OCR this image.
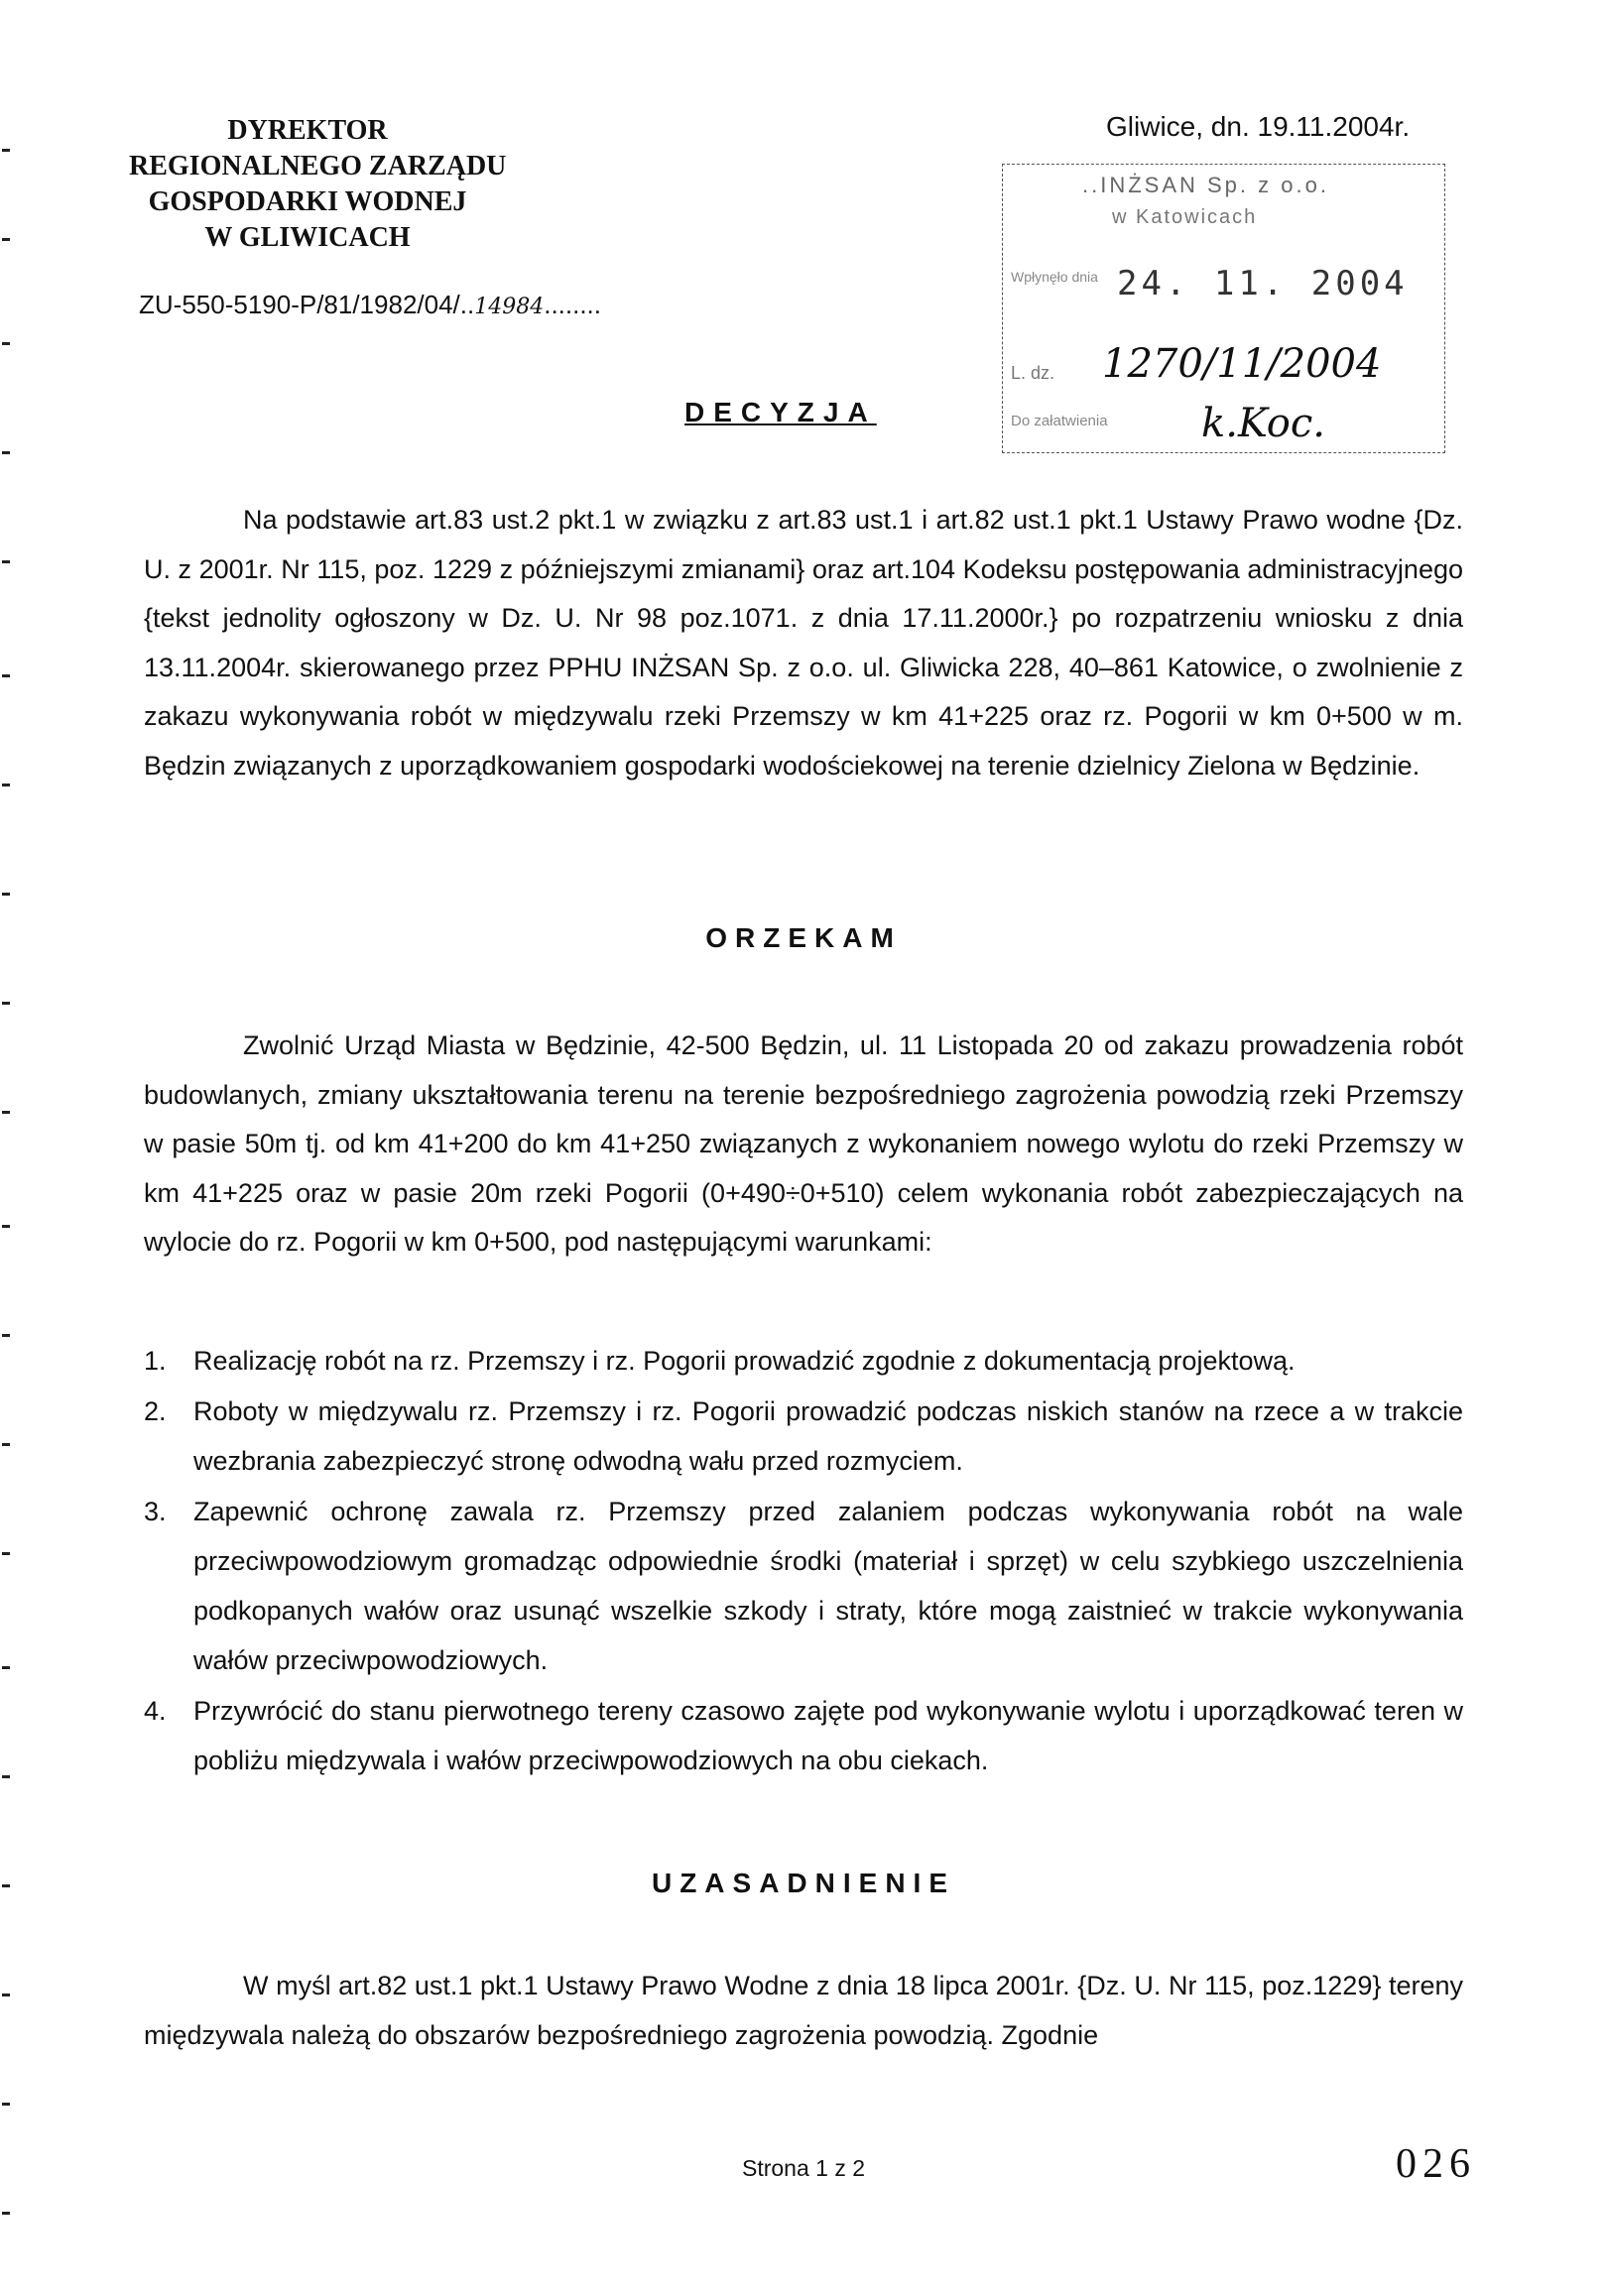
DYREKTOR
REGIONALNEGO ZARZĄDU
GOSPODARKI WODNEJ
W GLIWICACH
Gliwice, dn. 19.11.2004r.
ZU-550-5190-P/81/1982/04/..14984........
..INŻSAN Sp. z o.o.
w Katowicach
Wpłynęło dnia 24. 11. 2004
L. dz. 1270/11/2004
Do załatwienia k.Koc.
DECYZJA
Na podstawie art.83 ust.2 pkt.1 w związku z art.83 ust.1 i art.82 ust.1 pkt.1 Ustawy Prawo wodne {Dz. U. z 2001r. Nr 115, poz. 1229 z późniejszymi zmianami} oraz art.104 Kodeksu postępowania administracyjnego {tekst jednolity ogłoszony w Dz. U. Nr 98 poz.1071. z dnia 17.11.2000r.} po rozpatrzeniu wniosku z dnia 13.11.2004r. skierowanego przez PPHU INŻSAN Sp. z o.o. ul. Gliwicka 228, 40–861 Katowice, o zwolnienie z zakazu wykonywania robót w międzywalu rzeki Przemszy w km 41+225 oraz rz. Pogorii w km 0+500 w m. Będzin związanych z uporządkowaniem gospodarki wodościekowej na terenie dzielnicy Zielona w Będzinie.
ORZEKAM
Zwolnić Urząd Miasta w Będzinie, 42-500 Będzin, ul. 11 Listopada 20 od zakazu prowadzenia robót budowlanych, zmiany ukształtowania terenu na terenie bezpośredniego zagrożenia powodzią rzeki Przemszy w pasie 50m tj. od km 41+200 do km 41+250 związanych z wykonaniem nowego wylotu do rzeki Przemszy w km 41+225 oraz w pasie 20m rzeki Pogorii (0+490÷0+510) celem wykonania robót zabezpieczających na wylocie do rz. Pogorii w km 0+500, pod następującymi warunkami:
1.	Realizację robót na rz. Przemszy i rz. Pogorii prowadzić zgodnie z dokumentacją projektową.
2.	Roboty w międzywalu rz. Przemszy i rz. Pogorii prowadzić podczas niskich stanów na rzece a w trakcie wezbrania zabezpieczyć stronę odwodną wału przed rozmyciem.
3.	Zapewnić ochronę zawala rz. Przemszy przed zalaniem podczas wykonywania robót na wale przeciwpowodziowym gromadząc odpowiednie środki (materiał i sprzęt) w celu szybkiego uszczelnienia podkopanych wałów oraz usunąć wszelkie szkody i straty, które mogą zaistnieć w trakcie wykonywania wałów przeciwpowodziowych.
4.	Przywrócić do stanu pierwotnego tereny czasowo zajęte pod wykonywanie wylotu i uporządkować teren w pobliżu międzywala i wałów przeciwpowodziowych na obu ciekach.
UZASADNIENIE
W myśl art.82 ust.1 pkt.1 Ustawy Prawo Wodne z dnia 18 lipca 2001r. {Dz. U. Nr 115, poz.1229} tereny międzywala należą do obszarów bezpośredniego zagrożenia powodzią. Zgodnie
Strona 1 z 2	026
